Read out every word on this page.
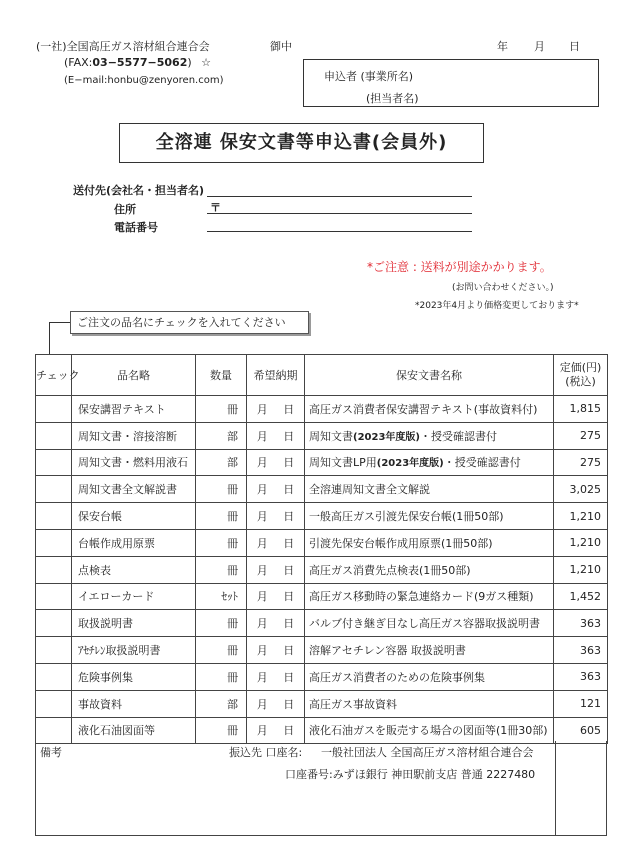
(一社)全国高圧ガス溶材組合連合会	御中	年 月 日
(FAX:03−5577−5062) ☆
(E−mail:honbu@zenyoren.com)	申込者 (事業所名)
(担当者名)
全溶連 保安文書等申込書(会員外)
送付先(会社名・担当者名)
住所	〒
電話番号
*ご注意 : 送料が別途かかります。
(お問い合わせください。)
*2023年4月より価格変更しております*
ご注文の品名にチェックを入れてください
チェック	品名略	数量	希望納期	保安文書名称	定価(円)
(税込)

	保安講習テキスト	冊	月 日	高圧ガス消費者保安講習テキスト(事故資料付)	1,815
	周知文書・溶接溶断	部	月 日	周知文書(2023年度版)・授受確認書付	275
	周知文書・燃料用液石	部	月 日	周知文書LP用(2023年度版)・授受確認書付	275
	周知文書全文解説書	冊	月 日	全溶連周知文書全文解説	3,025
	保安台帳	冊	月 日	一般高圧ガス引渡先保安台帳(1冊50部)	1,210
	台帳作成用原票	冊	月 日	引渡先保安台帳作成用原票(1冊50部)	1,210
	点検表	冊	月 日	高圧ガス消費先点検表(1冊50部)	1,210
	イエローカード	ｾｯﾄ	月 日	高圧ガス移動時の緊急連絡カード(9ガス種類)	1,452
	取扱説明書	冊	月 日	バルブ付き継ぎ目なし高圧ガス容器取扱説明書	363
	ｱｾﾁﾚﾝ取扱説明書	冊	月 日	溶解アセチレン容器 取扱説明書	363
	危険事例集	冊	月 日	高圧ガス消費者のための危険事例集	363
	事故資料	部	月 日	高圧ガス事故資料	121
	液化石油図面等	冊	月 日	液化石油ガスを販売する場合の図面等(1冊30部)	605
備考	振込先 口座名: 一般社団法人 全国高圧ガス溶材組合連合会
口座番号:みずほ銀行 神田駅前支店 普通 2227480
